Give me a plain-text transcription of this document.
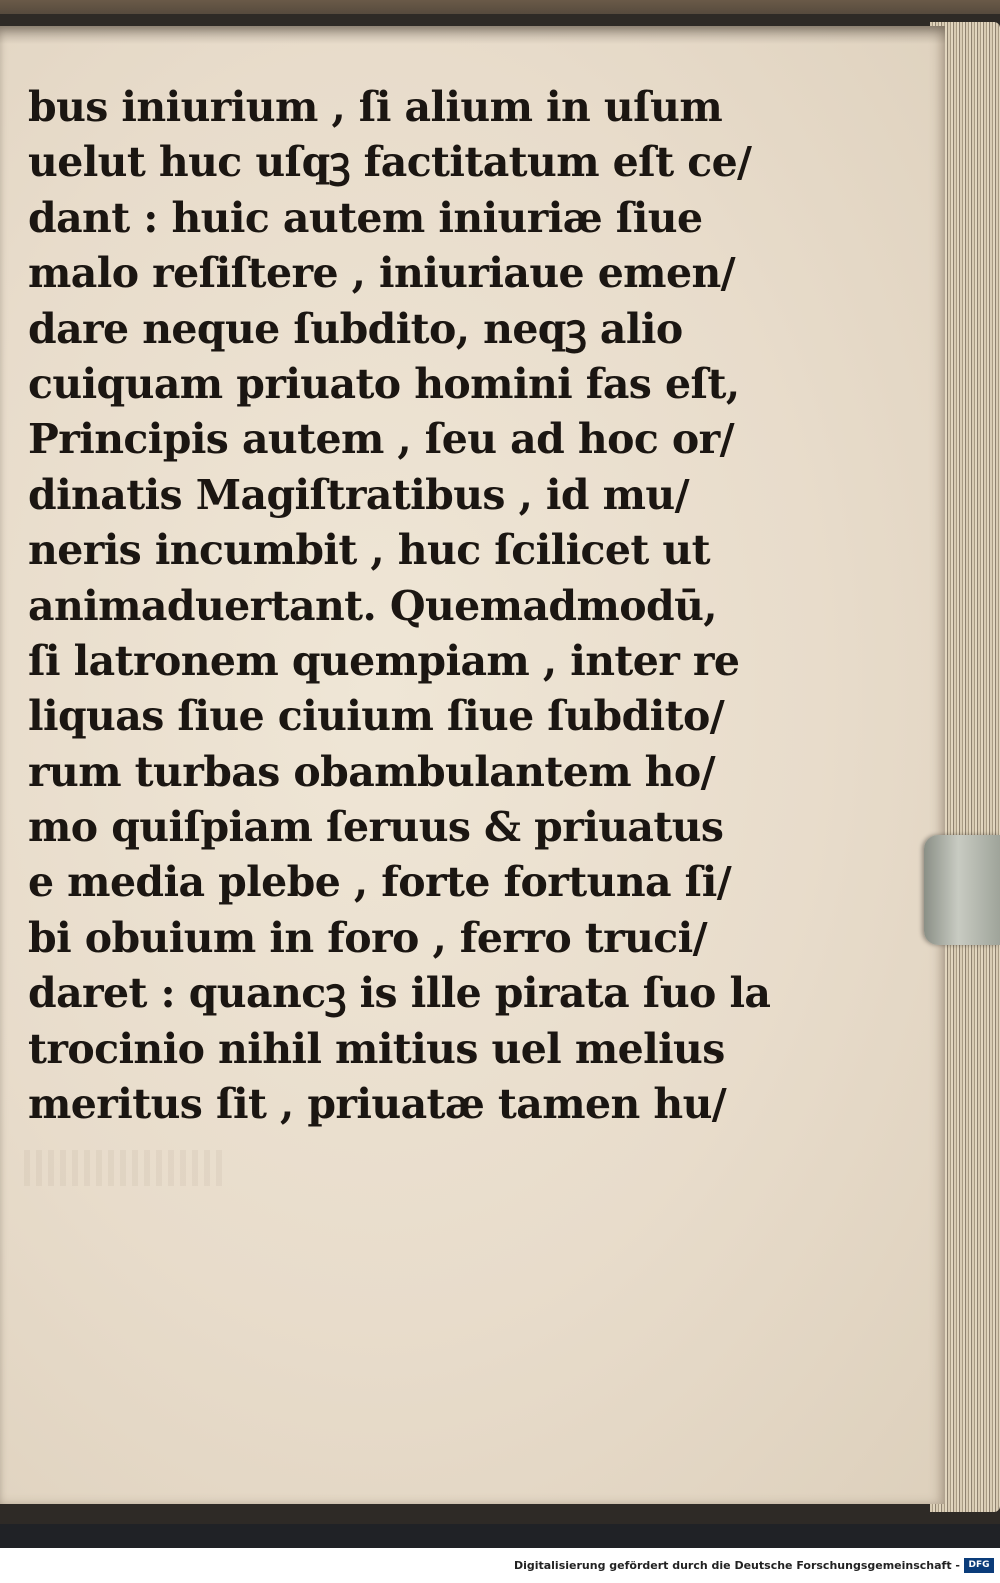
bus iniurium , ſi alium in uſum
uelut huc uſqꝫ factitatum eſt ce/
dant : huic autem iniuriæ ſiue
malo reſiſtere , iniuriaue emen/
dare neque ſubdito, neqꝫ alio
cuiquam priuato homini fas eſt,
Principis autem , ſeu ad hoc or/
dinatis Magiſtratibus , id mu/
neris incumbit , huc ſcilicet ut
animaduertant. Quemadmodū,
ſi latronem quempiam , inter re
liquas ſiue ciuium ſiue ſubdito/
rum turbas obambulantem ho/
mo quiſpiam ſeruus & priuatus
e media plebe , forte fortuna ſi/
bi obuium in foro , ferro truci/
daret : quancꝫ is ille pirata ſuo la
trocinio nihil mitius uel melius
meritus ſit , priuatæ tamen hu/
Digitalisierung gefördert durch die Deutsche Forschungsgemeinschaft - DFG
